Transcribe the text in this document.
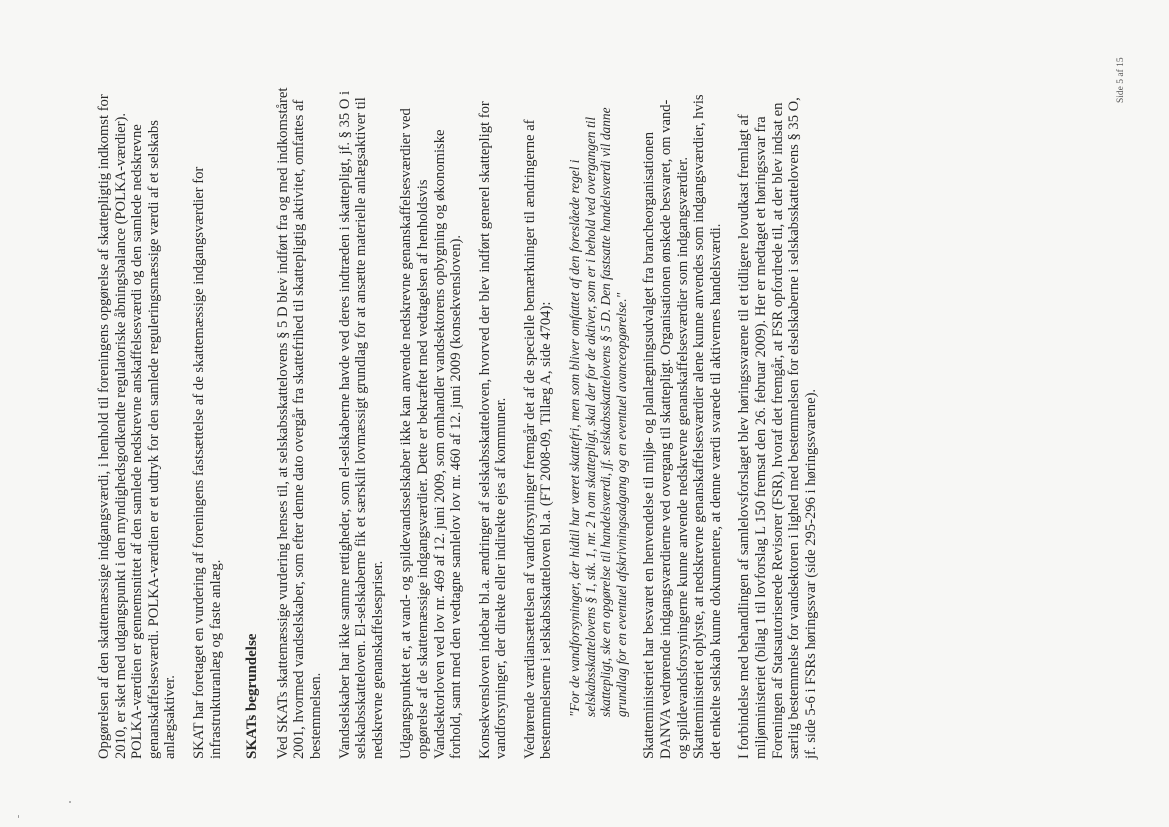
Opgørelsen af den skattemæssige indgangsværdi, i henhold til foreningens opgørelse af skattepligtig indkomst for 2010, er sket med udgangspunkt i den myndighedsgodkendte regulatoriske åbningsbalance (POLKA-værdier). POLKA-værdien er gennemsnittet af den samlede nedskrevne anskaffelsesværdi og den samlede nedskrevne genanskaffelsesværdi. POLKA-værdien er et udtryk for den samlede reguleringsmæssige værdi af et selskabs anlægsaktiver. SKAT har foretaget en vurdering af foreningens fastsættelse af de skattemæssige indgangsværdier for infrastrukturanlæg og faste anlæg. SKATs begrundelse Ved SKATs skattemæssige vurdering henses til, at selskabsskattelovens § 5 D blev indført fra og med indkomståret 2001, hvormed vandselskaber, som efter denne dato overgår fra skattefrihed til skattepligtig aktivitet, omfattes af bestemmelsen. Vandselskaber har ikke samme rettigheder, som el-selskaberne havde ved deres indtræden i skattepligt, jf. § 35 O i selskabsskatteloven. El-selskaberne fik et særskilt lovmæssigt grundlag for at ansætte materielle anlægsaktiver til nedskrevne genanskaffelsespriser. Udgangspunktet er, at vand- og spildevandsselskaber ikke kan anvende nedskrevne genanskaffelsesværdier ved opgørelse af de skattemæssige indgangsværdier. Dette er bekræftet med vedtagelsen af henholdsvis Vandsektorloven ved lov nr. 469 af 12. juni 2009, som omhandler vandsektorens opbygning og økonomiske forhold, samt med den vedtagne samlelov lov nr. 460 af 12. juni 2009 (konsekvensloven). Konsekvensloven indebar bl.a. ændringer af selskabsskatteloven, hvorved der blev indført generel skattepligt for vandforsyninger, der direkte eller indirekte ejes af kommuner. Vedrørende værdiansættelsen af vandforsyninger fremgår det af de specielle bemærkninger til ændringerne af bestemmelserne i selskabsskatteloven bl.a. (FT 2008-09, Tillæg A, side 4704): "For de vandforsyninger, der hidtil har været skattefri, men som bliver omfattet af den foreslåede regel i selskabsskattelovens § 1, stk. 1, nr. 2 h om skattepligt, skal der for de aktiver, som er i behold ved overgangen til skattepligt, ske en opgørelse til handelsværdi, jf. selskabsskattelovens § 5 D. Den fastsatte handelsværdi vil danne grundlag for en eventuel afskrivningsadgang og en eventuel avanceopgørelse." Skatteministeriet har besvaret en henvendelse til miljø- og planlægningsudvalget fra brancheorganisationen DANVA vedrørende indgangsværdierne ved overgang til skattepligt. Organisationen ønskede besvaret, om vand- og spildevandsforsyningerne kunne anvende nedskrevne genanskaffelsesværdier som indgangsværdier. Skatteministeriet oplyste, at nedskrevne genanskaffelsesværdier alene kunne anvendes som indgangsværdier, hvis det enkelte selskab kunne dokumentere, at denne værdi svarede til aktivernes handelsværdi. I forbindelse med behandlingen af samlelovsforslaget blev høringssvarene til et tidligere lovudkast fremlagt af miljøministeriet (bilag 1 til lovforslag L 150 fremsat den 26. februar 2009). Her er medtaget et høringssvar fra Foreningen af Statsautoriserede Revisorer (FSR), hvoraf det fremgår, at FSR opfordrede til, at der blev indsat en særlig bestemmelse for vandsektoren i lighed med bestemmelsen for elselskaberne i selskabsskattelovens § 35 O, jf. side 5-6 i FSRs høringssvar (side 295-296 i høringssvarene).

Side 5 af 15
